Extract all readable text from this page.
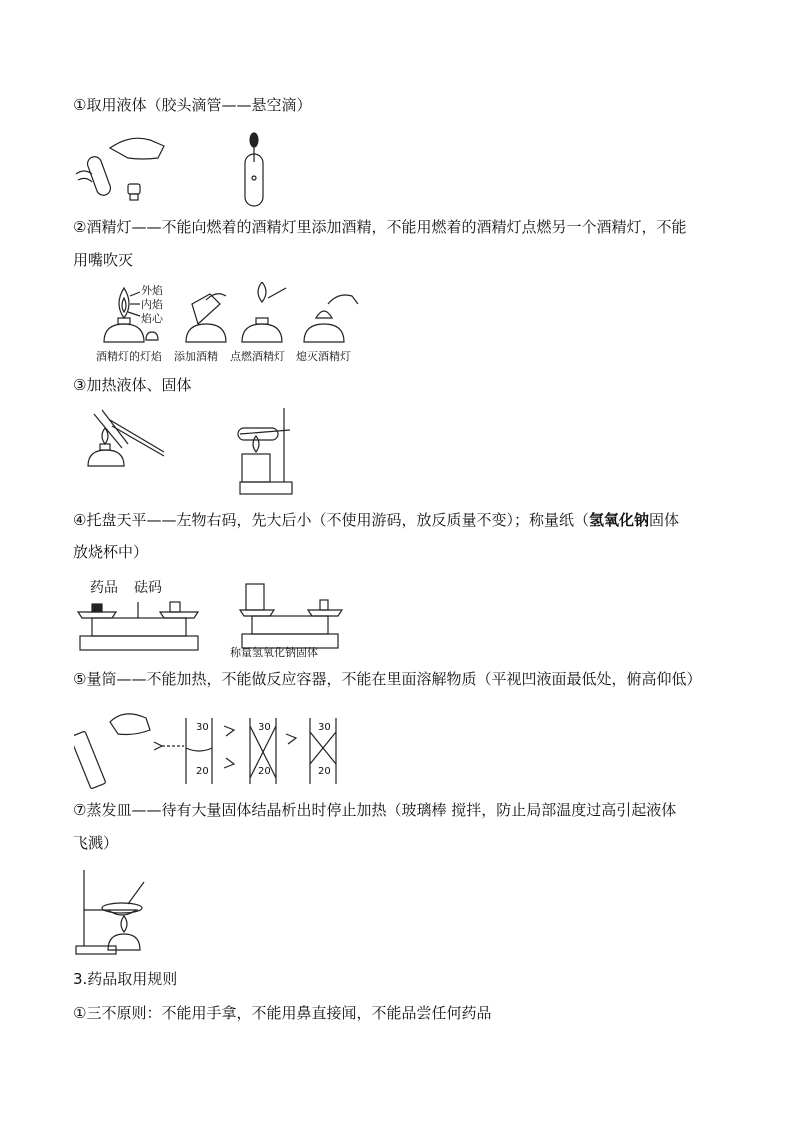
①取用液体（胶头滴管——悬空滴）
②酒精灯——不能向燃着的酒精灯里添加酒精，不能用燃着的酒精灯点燃另一个酒精灯，不能
用嘴吹灭
外焰
内焰
焰心
酒精灯的灯焰 添加酒精 点燃酒精灯 熄灭酒精灯
③加热液体、固体
④托盘天平——左物右码，先大后小（不使用游码，放反质量不变）；称量纸（氢氧化钠固体
放烧杯中）
药品 砝码
称量氢氧化钠固体
⑤量筒——不能加热，不能做反应容器，不能在里面溶解物质（平视凹液面最低处，俯高仰低）
30
20
30
20
30
20
⑦蒸发皿——待有大量固体结晶析出时停止加热（玻璃棒 搅拌，防止局部温度过高引起液体
飞溅）
3.药品取用规则
①三不原则：不能用手拿，不能用鼻直接闻，不能品尝任何药品
